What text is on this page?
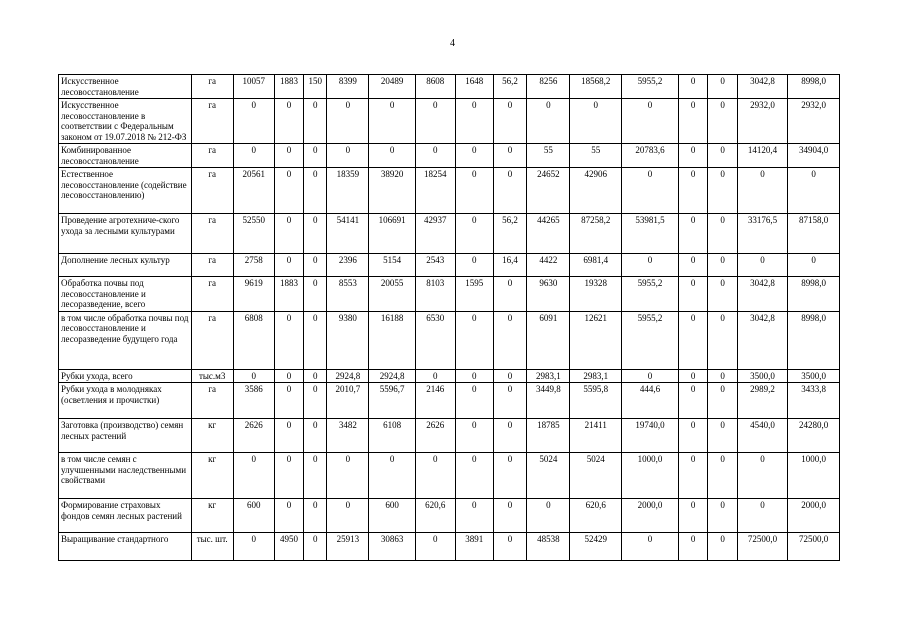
4
Искусственное лесовосстановление	га	10057	1883	150	8399	20489	8608	1648	56,2	8256	18568,2	5955,2	0	0	3042,8	8998,0
Искусственное лесовосстановление в соответствии с Федеральным законом от 19.07.2018 № 212-ФЗ	га	0	0	0	0	0	0	0	0	0	0	0	0	0	2932,0	2932,0
Комбинированное лесовосстановление	га	0	0	0	0	0	0	0	0	55	55	20783,6	0	0	14120,4	34904,0
Естественное лесовосстановление (содействие лесовосстановлению)	га	20561	0	0	18359	38920	18254	0	0	24652	42906	0	0	0	0	0
Проведение агротехниче-ского ухода за лесными культурами	га	52550	0	0	54141	106691	42937	0	56,2	44265	87258,2	53981,5	0	0	33176,5	87158,0
Дополнение лесных культур	га	2758	0	0	2396	5154	2543	0	16,4	4422	6981,4	0	0	0	0	0
Обработка почвы под лесовосстановление и лесоразведение, всего	га	9619	1883	0	8553	20055	8103	1595	0	9630	19328	5955,2	0	0	3042,8	8998,0
в том числе обработка почвы под лесовосстановление и лесоразведение будущего года	га	6808	0	0	9380	16188	6530	0	0	6091	12621	5955,2	0	0	3042,8	8998,0
Рубки ухода, всего	тыс.м3	0	0	0	2924,8	2924,8	0	0	0	2983,1	2983,1	0	0	0	3500,0	3500,0
Рубки ухода в молодняках (осветления и прочистки)	га	3586	0	0	2010,7	5596,7	2146	0	0	3449,8	5595,8	444,6	0	0	2989,2	3433,8
Заготовка (производство) семян лесных растений	кг	2626	0	0	3482	6108	2626	0	0	18785	21411	19740,0	0	0	4540,0	24280,0
в том числе семян с улучшенными наследственными свойствами	кг	0	0	0	0	0	0	0	0	5024	5024	1000,0	0	0	0	1000,0
Формирование страховых фондов семян лесных растений	кг	600	0	0	0	600	620,6	0	0	0	620,6	2000,0	0	0	0	2000,0
Выращивание стандартного	тыс. шт.	0	4950	0	25913	30863	0	3891	0	48538	52429	0	0	0	72500,0	72500,0
